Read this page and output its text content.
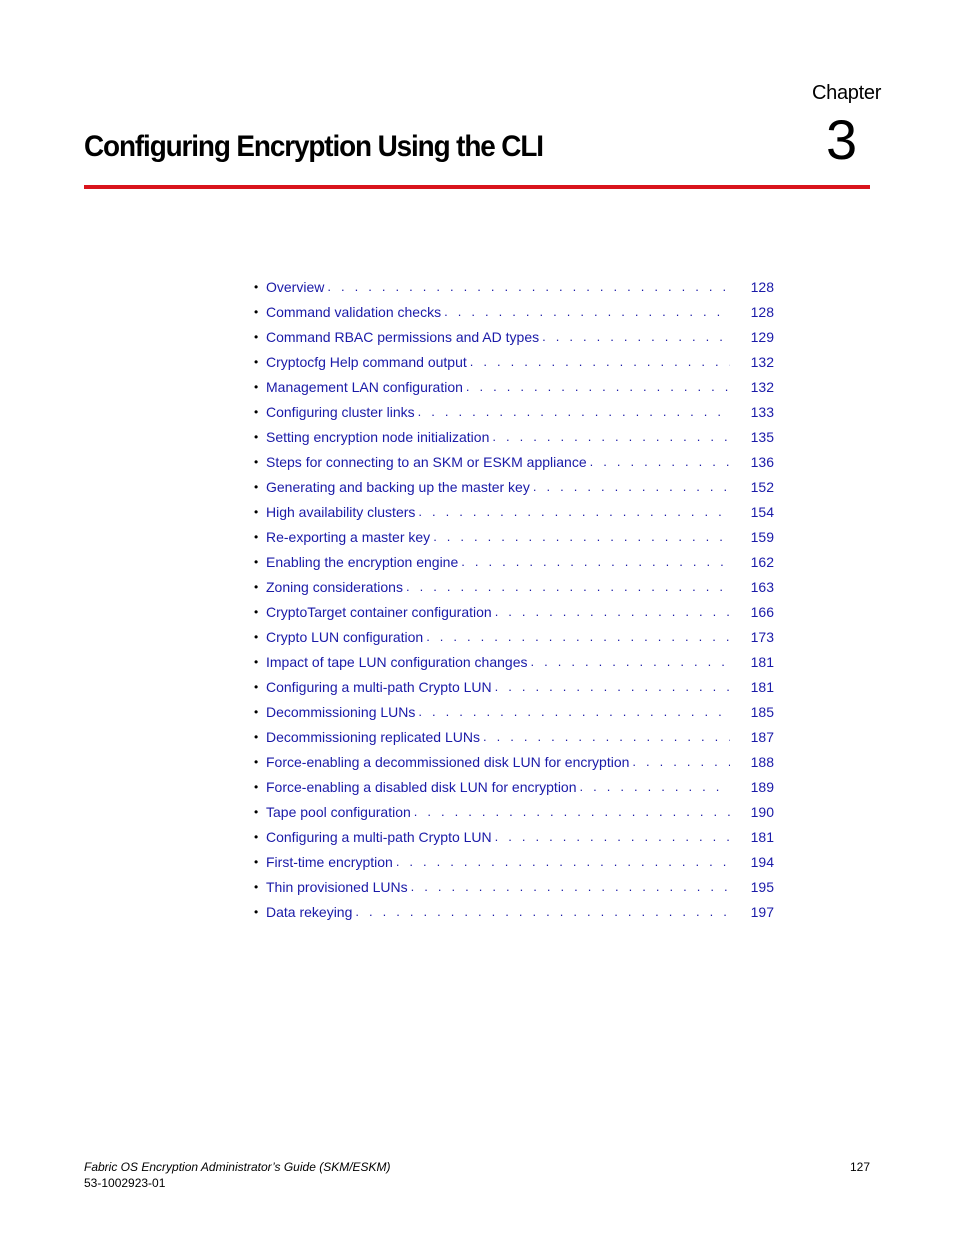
Chapter
Configuring Encryption Using the CLI	3
• Overview . . .	128
• Command validation checks . . .	128
• Command RBAC permissions and AD types . . .	129
• Cryptocfg Help command output . . .	132
• Management LAN configuration . . .	132
• Configuring cluster links . . .	133
• Setting encryption node initialization . . .	135
• Steps for connecting to an SKM or ESKM appliance . . .	136
• Generating and backing up the master key . . .	152
• High availability clusters . . .	154
• Re-exporting a master key . . .	159
• Enabling the encryption engine . . .	162
• Zoning considerations . . .	163
• CryptoTarget container configuration . . .	166
• Crypto LUN configuration . . .	173
• Impact of tape LUN configuration changes . . .	181
• Configuring a multi-path Crypto LUN . . .	181
• Decommissioning LUNs . . .	185
• Decommissioning replicated LUNs . . .	187
• Force-enabling a decommissioned disk LUN for encryption . . .	188
• Force-enabling a disabled disk LUN for encryption . . .	189
• Tape pool configuration . . .	190
• Configuring a multi-path Crypto LUN . . .	181
• First-time encryption . . .	194
• Thin provisioned LUNs . . .	195
• Data rekeying . . .	197
Fabric OS Encryption Administrator’s Guide (SKM/ESKM)
53-1002923-01
127
